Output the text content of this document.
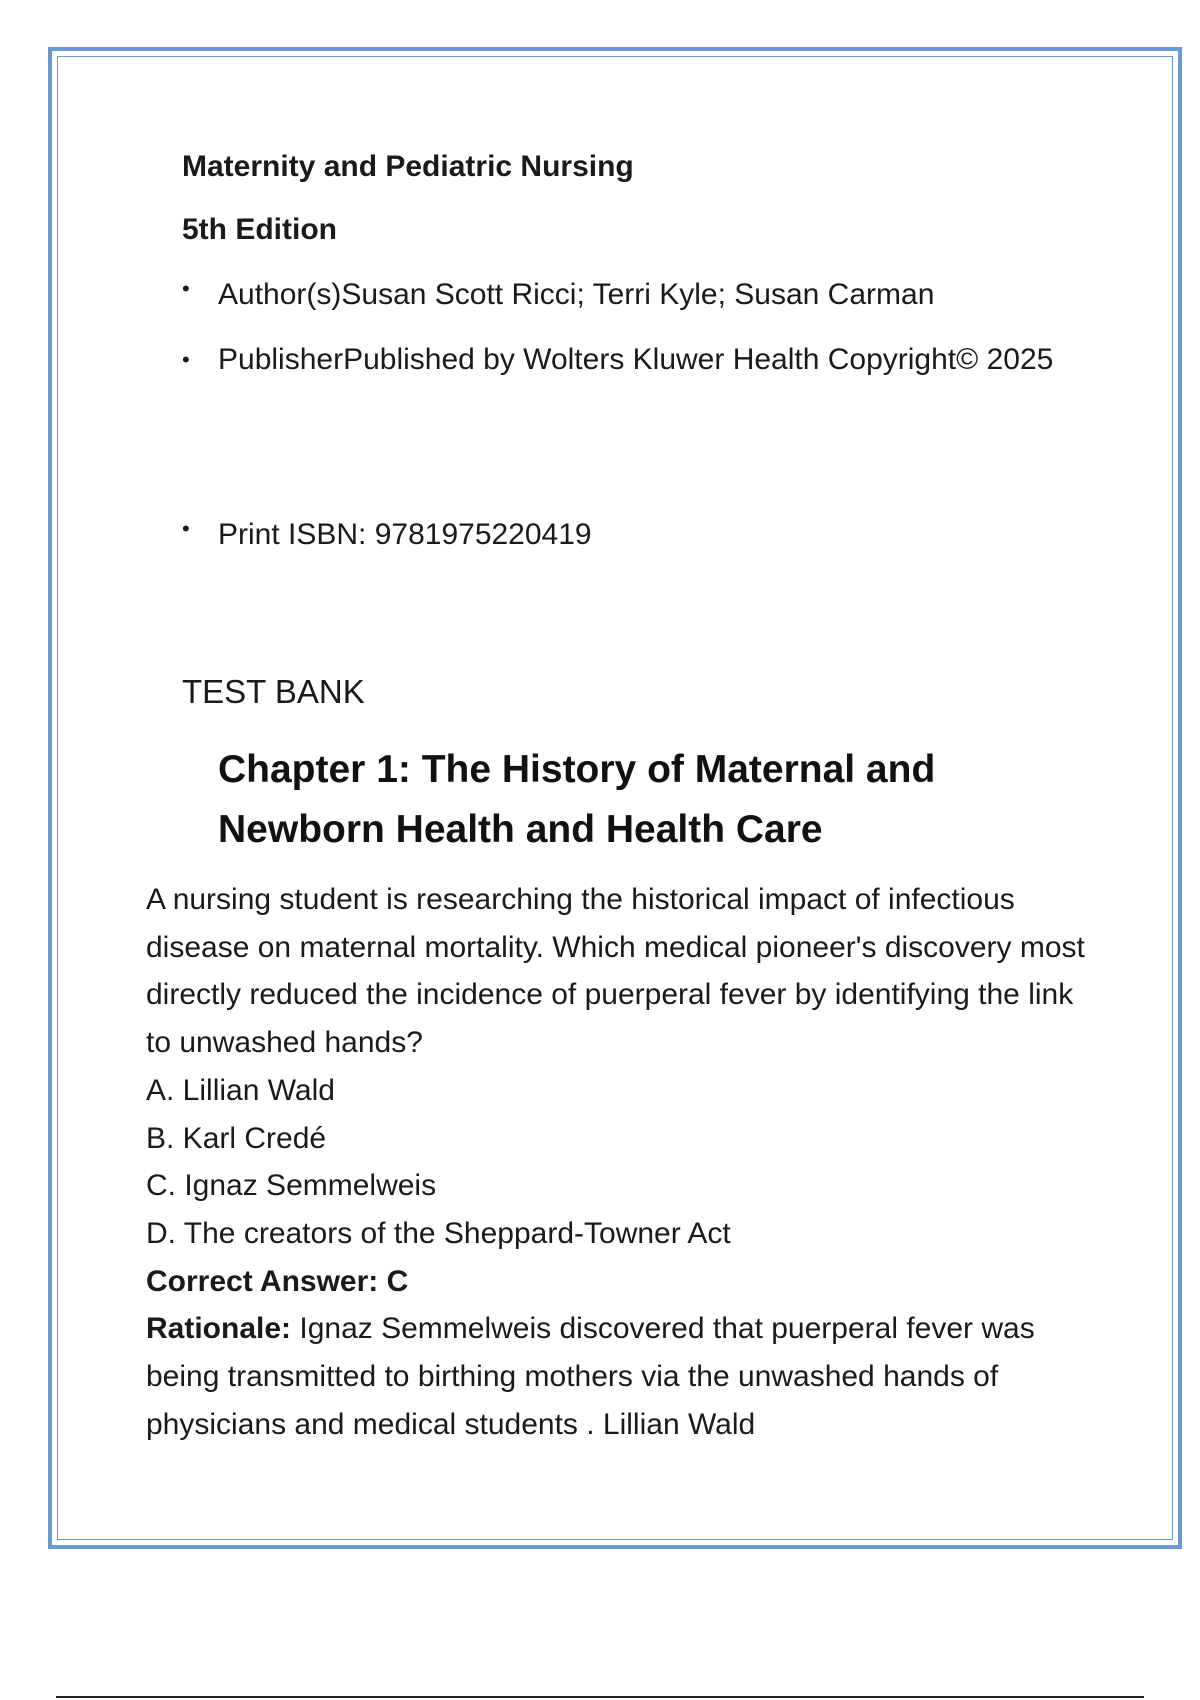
Maternity and Pediatric Nursing
5th Edition
• Author(s)Susan Scott Ricci; Terri Kyle; Susan Carman
• PublisherPublished by Wolters Kluwer Health Copyright© 2025
• Print ISBN: 9781975220419

TEST BANK

Chapter 1: The History of Maternal and
Newborn Health and Health Care

A nursing student is researching the historical impact of infectious disease on maternal mortality. Which medical pioneer's discovery most directly reduced the incidence of puerperal fever by identifying the link to unwashed hands?

A. Lillian Wald

B. Karl Credé

C. Ignaz Semmelweis

D. The creators of the Sheppard-Towner Act

Correct Answer: C

Rationale: Ignaz Semmelweis discovered that puerperal fever was being transmitted to birthing mothers via the unwashed hands of physicians and medical students . Lillian Wald
